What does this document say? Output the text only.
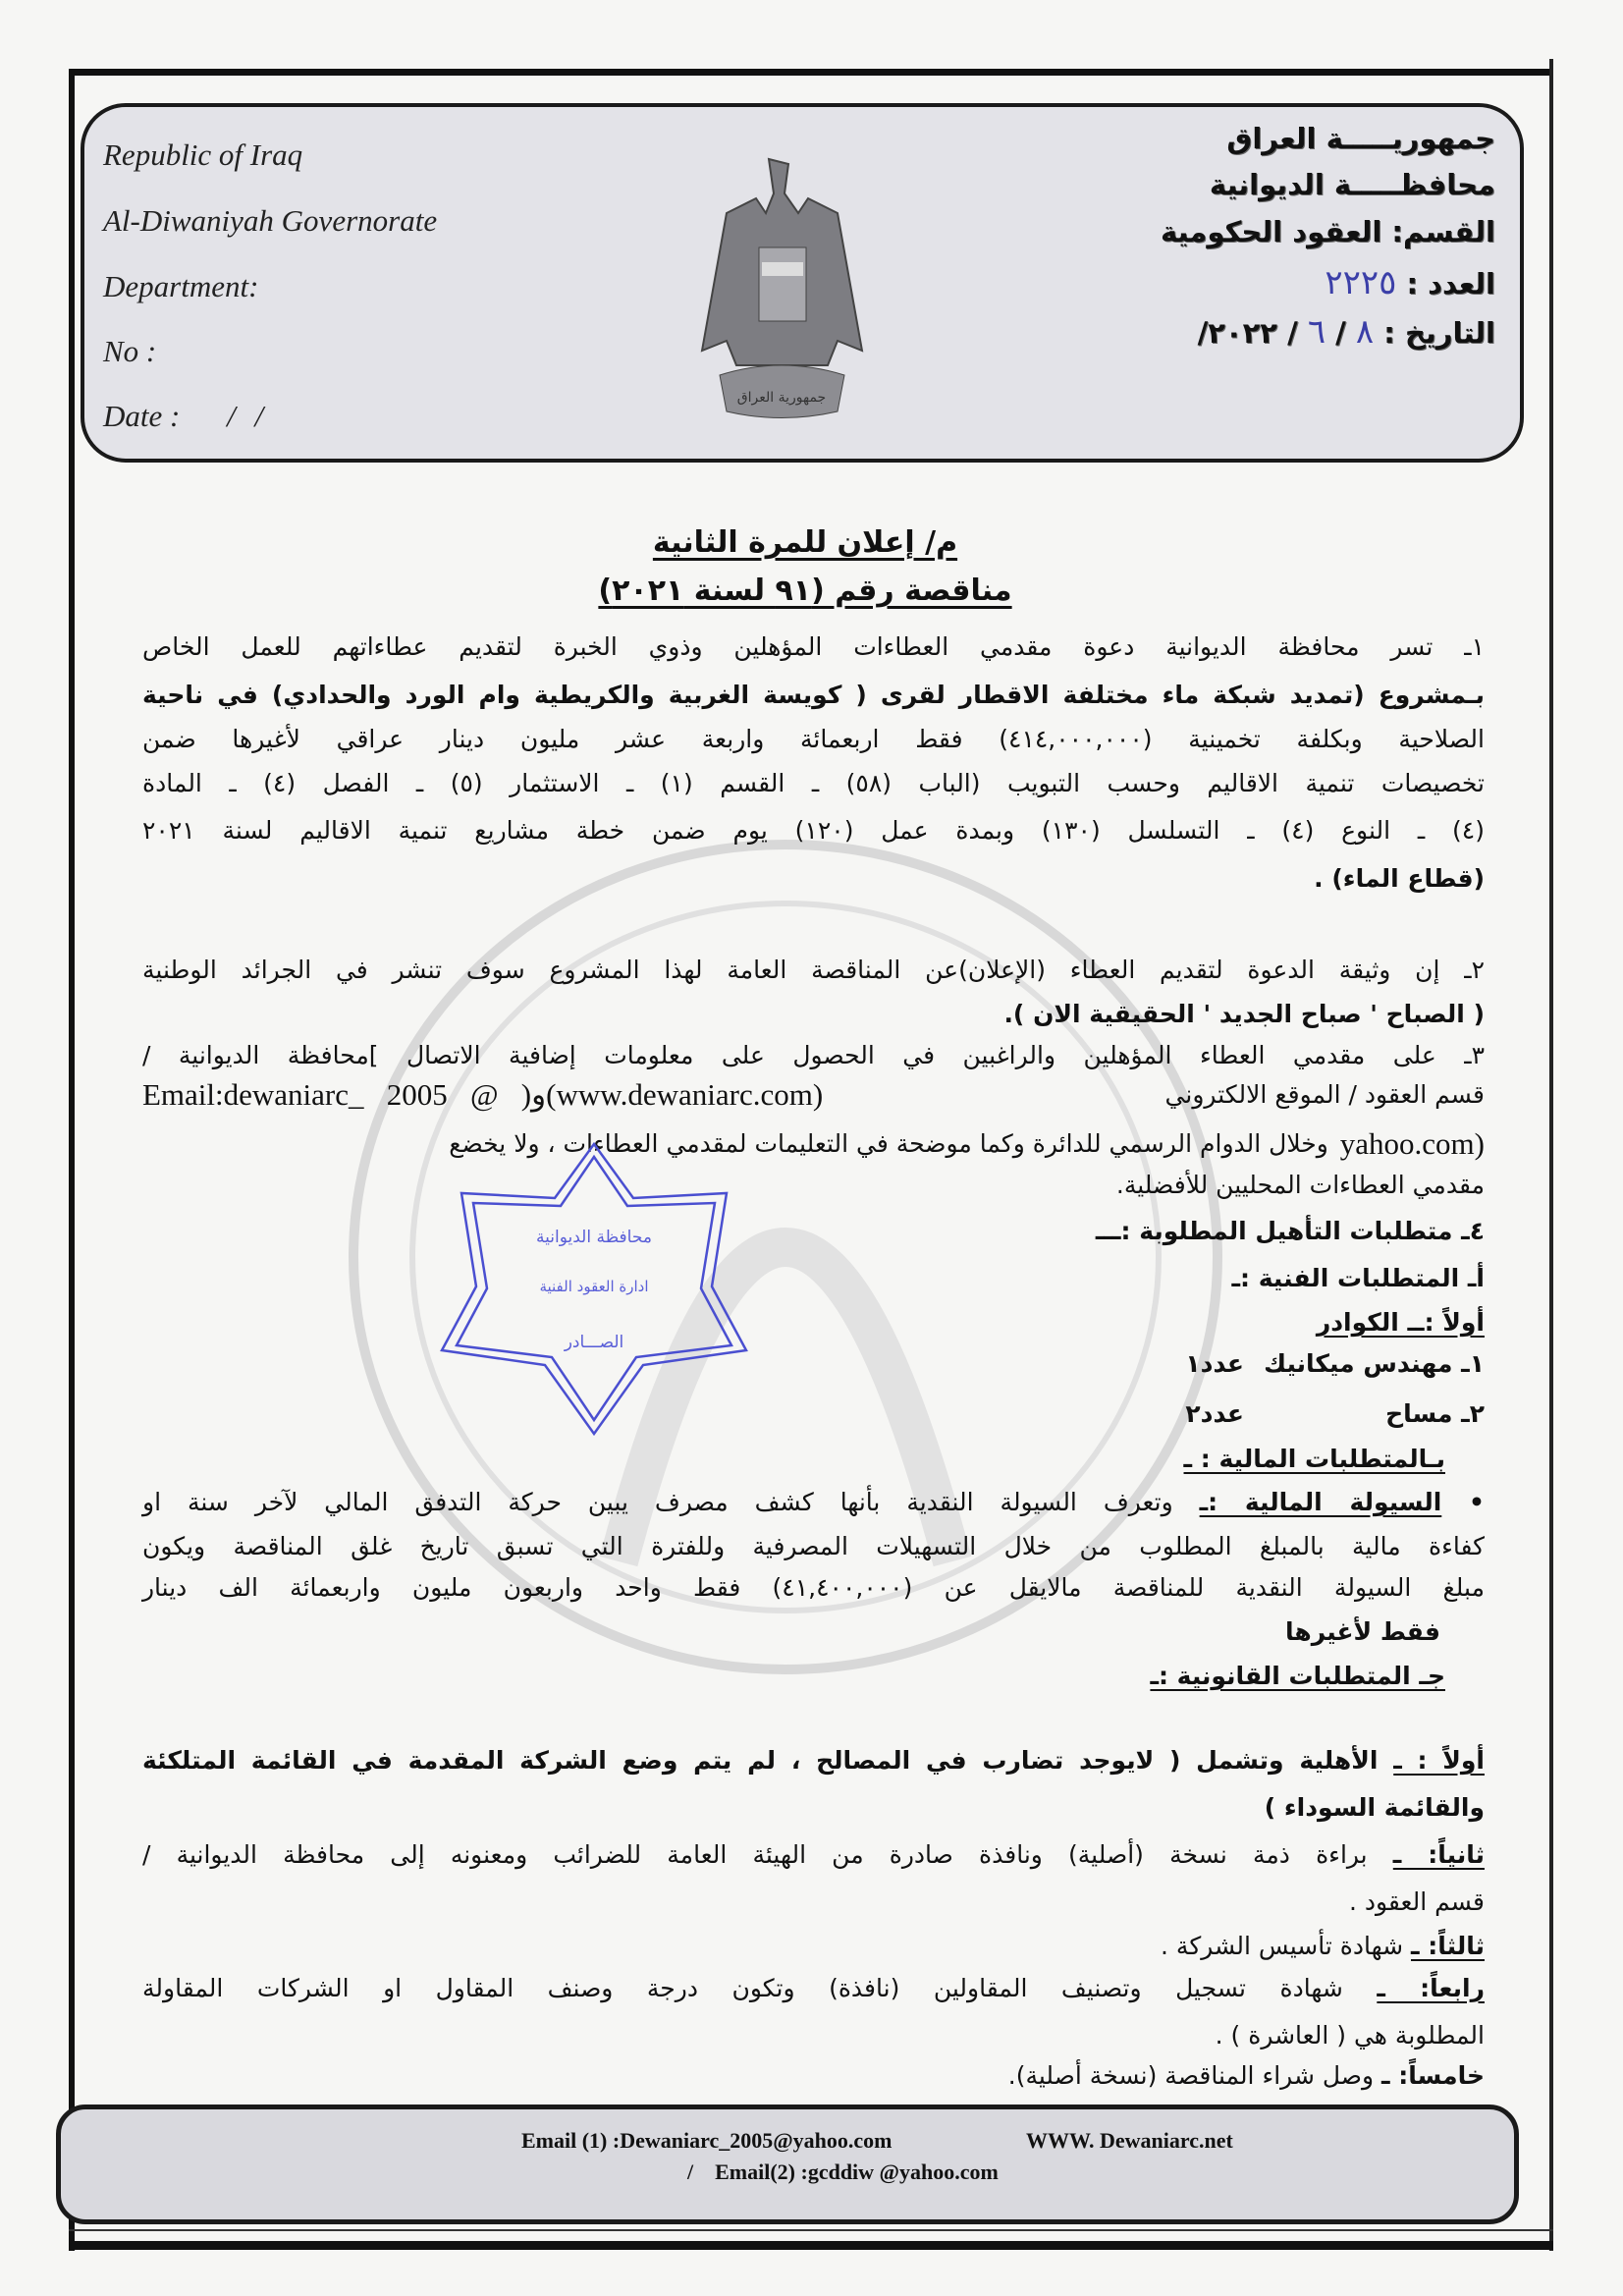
Republic of Iraq
Al-Diwaniyah Governorate
Department:
No :
Date : / /
جمهورية العراق
جمهوريـــــة العراق
محافظـــــة الديوانية
القسم: العقود الحكومية
العدد : ٢٢٢٥
التاريخ : ٨ / ٦ / ٢٠٢٢/
م/ إعلان للمرة الثانية
مناقصة رقم (٩١ لسنة ٢٠٢١)
١ـ تسر محافظة الديوانية دعوة مقدمي العطاءات المؤهلين وذوي الخبرة لتقديم عطاءاتهم للعمل الخاص
بـمشروع (تمديد شبكة ماء مختلفة الاقطار لقرى ( كويسة الغربية والكريطية وام الورد والحدادي) في ناحية
الصلاحية وبكلفة تخمينية (٤١٤,٠٠٠,٠٠٠) فقط اربعمائة واربعة عشر مليون دينار عراقي لأغيرها ضمن
تخصيصات تنمية الاقاليم وحسب التبويب (الباب (٥٨) ـ القسم (١) ـ الاستثمار (٥) ـ الفصل (٤) ـ المادة
(٤) ـ النوع (٤) ـ التسلسل (١٣٠) وبمدة عمل (١٢٠) يوم ضمن خطة مشاريع تنمية الاقاليم لسنة ٢٠٢١
(قطاع الماء) .
٢ـ إن وثيقة الدعوة لتقديم العطاء (الإعلان)عن المناقصة العامة لهذا المشروع سوف تنشر في الجرائد الوطنية
( الصباح ' صباح الجديد ' الحقيقية الان ).
٣ـ على مقدمي العطاء المؤهلين والراغبين في الحصول على معلومات إضافية الاتصال ]محافظة الديوانية /
قسم العقود / الموقع الالكتروني
Email:dewaniarc_   2005   @   )و(www.dewaniarc.com)
yahoo.com)
وخلال الدوام الرسمي للدائرة وكما موضحة في التعليمات لمقدمي العطاءات ، ولا يخضع
مقدمي العطاءات المحليين للأفضلية.
٤ـ متطلبات التأهيل المطلوبة :ـــ
أـ المتطلبات الفنية :ـ
أولاً :ــ الكوادر
١ـ مهندس ميكانيك
عدد١
٢ـ مساح
عدد٢
بـالمتطلبات المالية : ـ
• السيولة المالية :ـ وتعرف السيولة النقدية بأنها كشف مصرف يبين حركة التدفق المالي لآخر سنة او
كفاءة مالية بالمبلغ المطلوب من خلال التسهيلات المصرفية وللفترة التي تسبق تاريخ غلق المناقصة ويكون
مبلغ السيولة النقدية للمناقصة مالايقل عن (٤١,٤٠٠,٠٠٠) فقط واحد واربعون مليون واربعمائة الف دينار
فقط لأغيرها
جـ المتطلبات القانونية :ـ
أولاً : ـ الأهلية وتشمل ( لايوجد تضارب في المصالح ، لم يتم وضع الشركة المقدمة في القائمة المتلكئة
والقائمة السوداء )
ثانياً: ـ براءة ذمة نسخة (أصلية) ونافذة صادرة من الهيئة العامة للضرائب ومعنونه إلى محافظة الديوانية /
قسم العقود .
ثالثاً: ـ شهادة تأسيس الشركة .
رابعاً: ـ شهادة تسجيل وتصنيف المقاولين (نافذة) وتكون درجة وصنف المقاول او الشركات المقاولة
المطلوبة هي ( العاشرة ) .
خامساً: ـ وصل شراء المناقصة (نسخة أصلية).
محافظة الديوانية
ادارة العقود الفنية
الصـــادر
Email (1) :Dewaniarc_2005@yahoo.com	WWW. Dewaniarc.net
/    Email(2) :gcddiw @yahoo.com
